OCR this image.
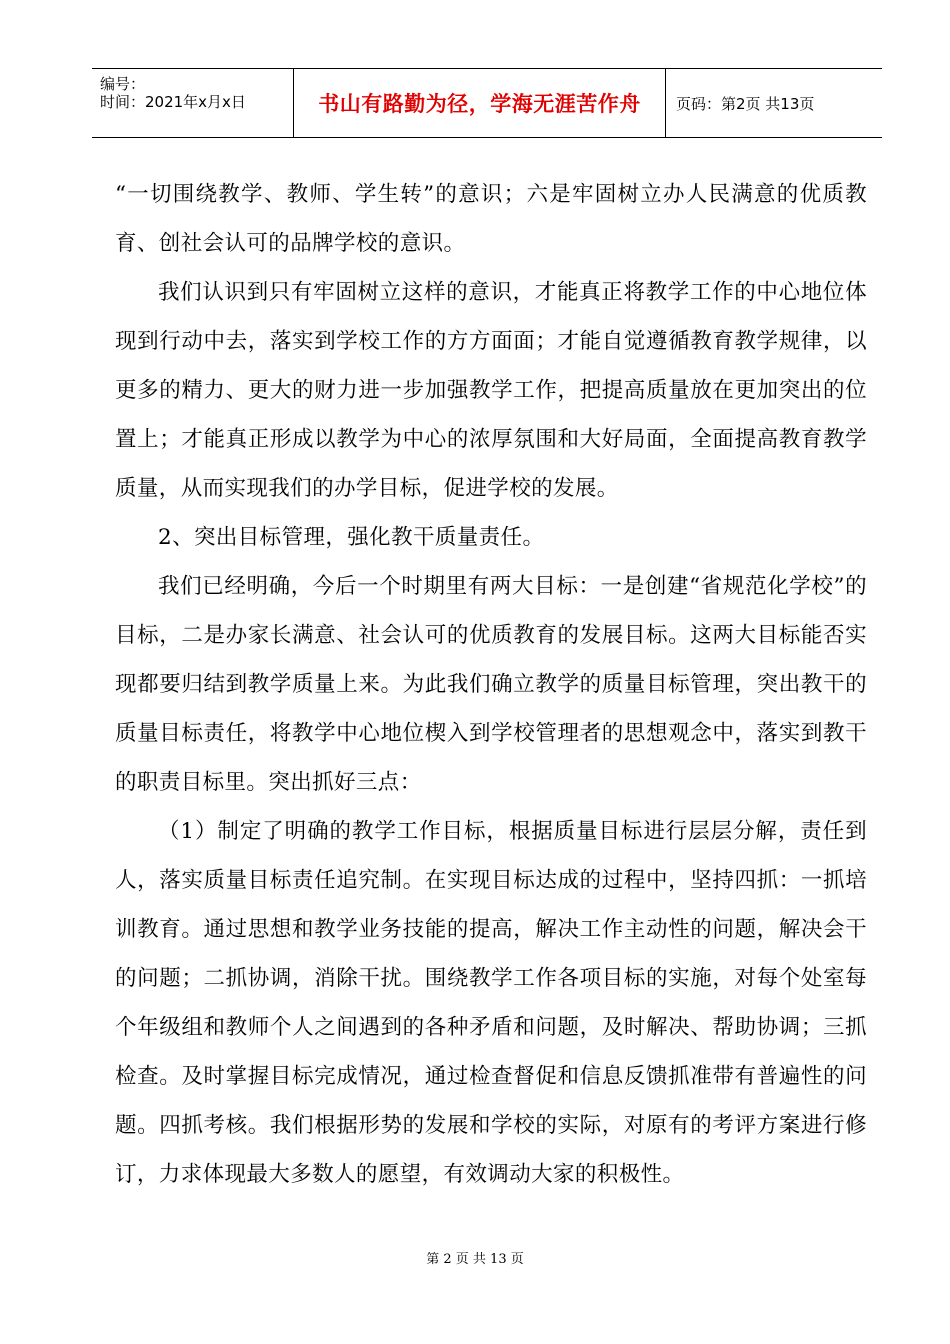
编号：
时间：2021年x月x日	书山有路勤为径，学海无涯苦作舟	页码：第2页 共13页

“一切围绕教学、教师、学生转”的意识；六是牢固树立办人民满意的优质教育、创社会认可的品牌学校的意识。

我们认识到只有牢固树立这样的意识，才能真正将教学工作的中心地位体现到行动中去，落实到学校工作的方方面面；才能自觉遵循教育教学规律，以更多的精力、更大的财力进一步加强教学工作，把提高质量放在更加突出的位置上；才能真正形成以教学为中心的浓厚氛围和大好局面，全面提高教育教学质量，从而实现我们的办学目标，促进学校的发展。

2、突出目标管理，强化教干质量责任。

我们已经明确，今后一个时期里有两大目标：一是创建“省规范化学校”的目标，二是办家长满意、社会认可的优质教育的发展目标。这两大目标能否实现都要归结到教学质量上来。为此我们确立教学的质量目标管理，突出教干的质量目标责任，将教学中心地位楔入到学校管理者的思想观念中，落实到教干的职责目标里。突出抓好三点：

（1）制定了明确的教学工作目标，根据质量目标进行层层分解，责任到人，落实质量目标责任追究制。在实现目标达成的过程中，坚持四抓：一抓培训教育。通过思想和教学业务技能的提高，解决工作主动性的问题，解决会干的问题；二抓协调，消除干扰。围绕教学工作各项目标的实施，对每个处室每个年级组和教师个人之间遇到的各种矛盾和问题，及时解决、帮助协调；三抓检查。及时掌握目标完成情况，通过检查督促和信息反馈抓准带有普遍性的问题。四抓考核。我们根据形势的发展和学校的实际，对原有的考评方案进行修订，力求体现最大多数人的愿望，有效调动大家的积极性。

第 2 页 共 13 页
